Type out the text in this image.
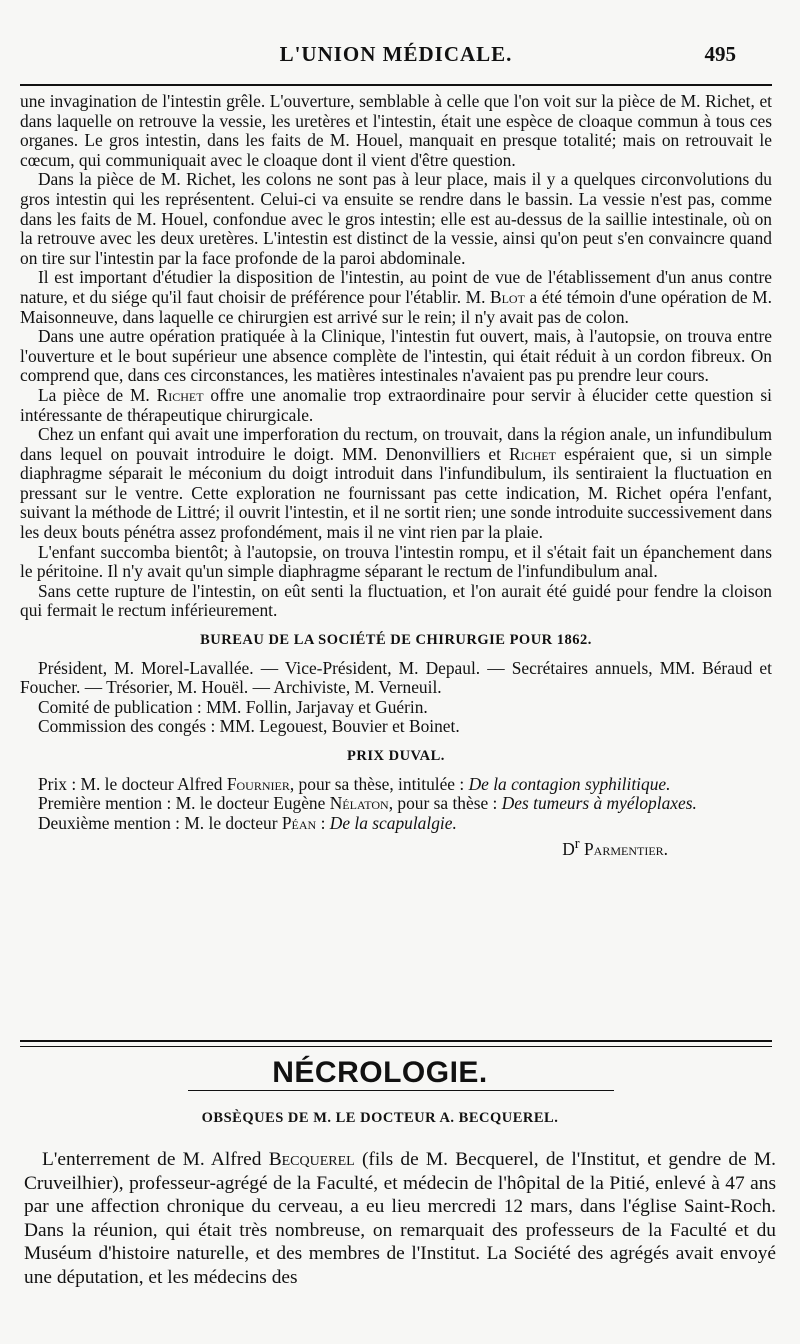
L'UNION MÉDICALE.	495

une invagination de l'intestin grêle. L'ouverture, semblable à celle que l'on voit sur la pièce de M. Richet, et dans laquelle on retrouve la vessie, les uretères et l'intestin, était une espèce de cloaque commun à tous ces organes. Le gros intestin, dans les faits de M. Houel, manquait en presque totalité; mais on retrouvait le cœcum, qui communiquait avec le cloaque dont il vient d'être question.

Dans la pièce de M. Richet, les colons ne sont pas à leur place, mais il y a quelques circonvolutions du gros intestin qui les représentent. Celui-ci va ensuite se rendre dans le bassin. La vessie n'est pas, comme dans les faits de M. Houel, confondue avec le gros intestin; elle est au-dessus de la saillie intestinale, où on la retrouve avec les deux uretères. L'intestin est distinct de la vessie, ainsi qu'on peut s'en convaincre quand on tire sur l'intestin par la face profonde de la paroi abdominale.

Il est important d'étudier la disposition de l'intestin, au point de vue de l'établissement d'un anus contre nature, et du siége qu'il faut choisir de préférence pour l'établir. M. Blot a été témoin d'une opération de M. Maisonneuve, dans laquelle ce chirurgien est arrivé sur le rein; il n'y avait pas de colon.

Dans une autre opération pratiquée à la Clinique, l'intestin fut ouvert, mais, à l'autopsie, on trouva entre l'ouverture et le bout supérieur une absence complète de l'intestin, qui était réduit à un cordon fibreux. On comprend que, dans ces circonstances, les matières intestinales n'avaient pas pu prendre leur cours.

La pièce de M. Richet offre une anomalie trop extraordinaire pour servir à élucider cette question si intéressante de thérapeutique chirurgicale.

Chez un enfant qui avait une imperforation du rectum, on trouvait, dans la région anale, un infundibulum dans lequel on pouvait introduire le doigt. MM. Denonvilliers et Richet espéraient que, si un simple diaphragme séparait le méconium du doigt introduit dans l'infundibulum, ils sentiraient la fluctuation en pressant sur le ventre. Cette exploration ne fournissant pas cette indication, M. Richet opéra l'enfant, suivant la méthode de Littré; il ouvrit l'intestin, et il ne sortit rien; une sonde introduite successivement dans les deux bouts pénétra assez profondément, mais il ne vint rien par la plaie.

L'enfant succomba bientôt; à l'autopsie, on trouva l'intestin rompu, et il s'était fait un épanchement dans le péritoine. Il n'y avait qu'un simple diaphragme séparant le rectum de l'infundibulum anal.

Sans cette rupture de l'intestin, on eût senti la fluctuation, et l'on aurait été guidé pour fendre la cloison qui fermait le rectum inférieurement.

BUREAU DE LA SOCIÉTÉ DE CHIRURGIE POUR 1862.

Président, M. Morel-Lavallée. — Vice-Président, M. Depaul. — Secrétaires annuels, MM. Béraud et Foucher. — Trésorier, M. Houël. — Archiviste, M. Verneuil.

Comité de publication : MM. Follin, Jarjavay et Guérin.

Commission des congés : MM. Legouest, Bouvier et Boinet.

PRIX DUVAL.

Prix : M. le docteur Alfred Fournier, pour sa thèse, intitulée : De la contagion syphilitique.

Première mention : M. le docteur Eugène Nélaton, pour sa thèse : Des tumeurs à myéloplaxes.

Deuxième mention : M. le docteur Péan : De la scapulalgie.

$D^r$ Parmentier.
NÉCROLOGIE.
OBSÈQUES DE M. LE DOCTEUR A. BECQUEREL.

L'enterrement de M. Alfred Becquerel (fils de M. Becquerel, de l'Institut, et gendre de M. Cruveilhier), professeur-agrégé de la Faculté, et médecin de l'hôpital de la Pitié, enlevé à 47 ans par une affection chronique du cerveau, a eu lieu mercredi 12 mars, dans l'église Saint-Roch. Dans la réunion, qui était très nombreuse, on remarquait des professeurs de la Faculté et du Muséum d'histoire naturelle, et des membres de l'Institut. La Société des agrégés avait envoyé une députation, et les médecins des
